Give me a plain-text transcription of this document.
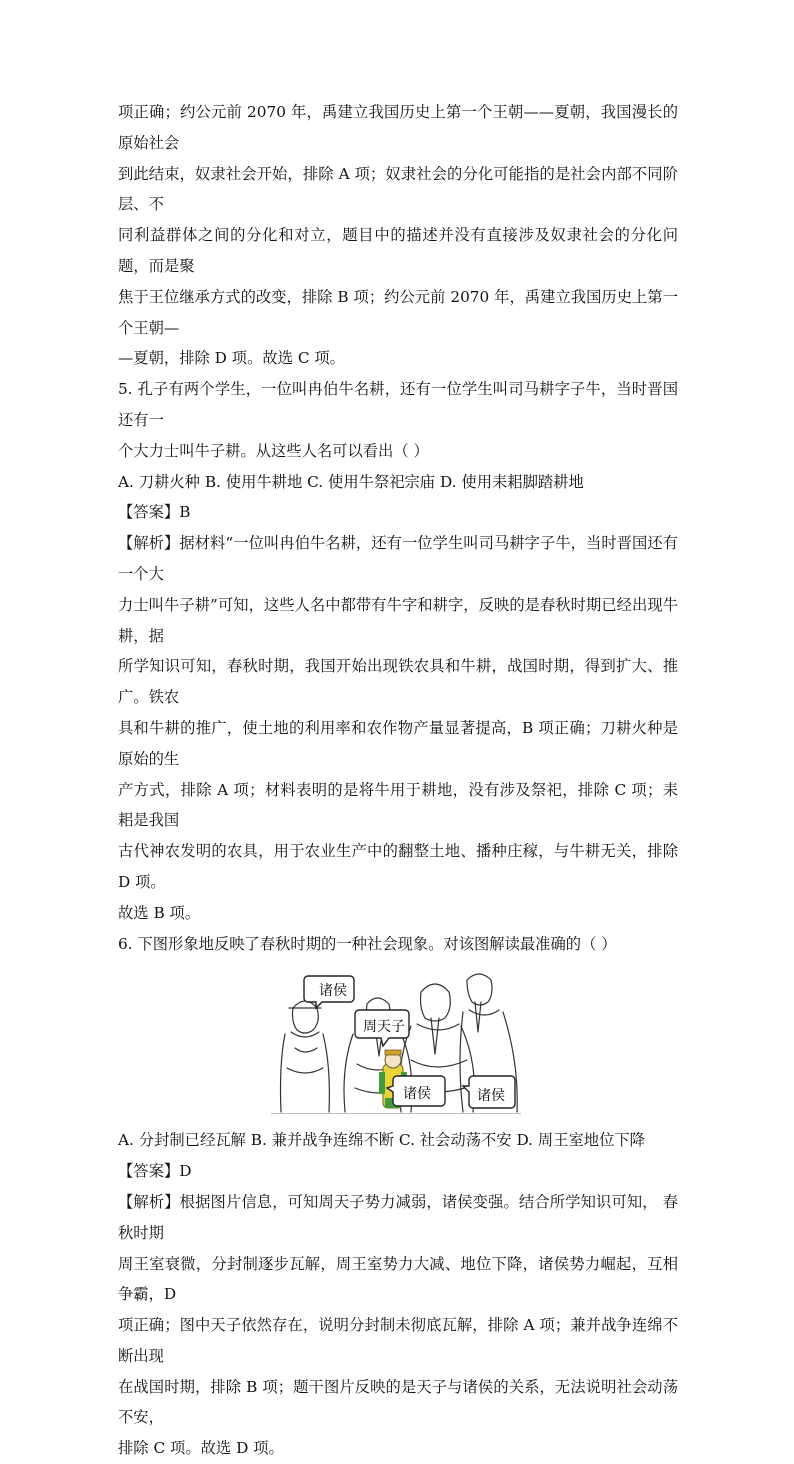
项正确；约公元前 2070 年，禹建立我国历史上第一个王朝——夏朝，我国漫长的原始社会

到此结束，奴隶社会开始，排除 A 项；奴隶社会的分化可能指的是社会内部不同阶层、不

同利益群体之间的分化和对立，题目中的描述并没有直接涉及奴隶社会的分化问题，而是聚

焦于王位继承方式的改变，排除 B 项；约公元前 2070 年，禹建立我国历史上第一个王朝—

—夏朝，排除 D 项。故选 C 项。

5. 孔子有两个学生，一位叫冉伯牛名耕，还有一位学生叫司马耕字子牛，当时晋国还有一

个大力士叫牛子耕。从这些人名可以看出（ ）

A. 刀耕火种 B. 使用牛耕地 C. 使用牛祭祀宗庙 D. 使用耒耜脚踏耕地

【答案】B

【解析】据材料“一位叫冉伯牛名耕，还有一位学生叫司马耕字子牛，当时晋国还有一个大

力士叫牛子耕”可知，这些人名中都带有牛字和耕字，反映的是春秋时期已经出现牛耕，据

所学知识可知，春秋时期，我国开始出现铁农具和牛耕，战国时期，得到扩大、推广。铁农

具和牛耕的推广，使土地的利用率和农作物产量显著提高，B 项正确；刀耕火种是原始的生

产方式，排除 A 项；材料表明的是将牛用于耕地，没有涉及祭祀，排除 C 项；耒耜是我国

古代神农发明的农具，用于农业生产中的翻整土地、播种庄稼，与牛耕无关，排除 D 项。

故选 B 项。

6. 下图形象地反映了春秋时期的一种社会现象。对该图解读最准确的（ ）

诸侯
周天子
诸侯	诸侯

A. 分封制已经瓦解 B. 兼并战争连绵不断 C. 社会动荡不安 D. 周王室地位下降

【答案】D

【解析】根据图片信息，可知周天子势力减弱，诸侯变强。结合所学知识可知， 春秋时期

周王室衰微，分封制逐步瓦解，周王室势力大减、地位下降，诸侯势力崛起，互相争霸，D

项正确；图中天子依然存在，说明分封制未彻底瓦解，排除 A 项；兼并战争连绵不断出现

在战国时期，排除 B 项；题干图片反映的是天子与诸侯的关系，无法说明社会动荡不安，

排除 C 项。故选 D 项。
